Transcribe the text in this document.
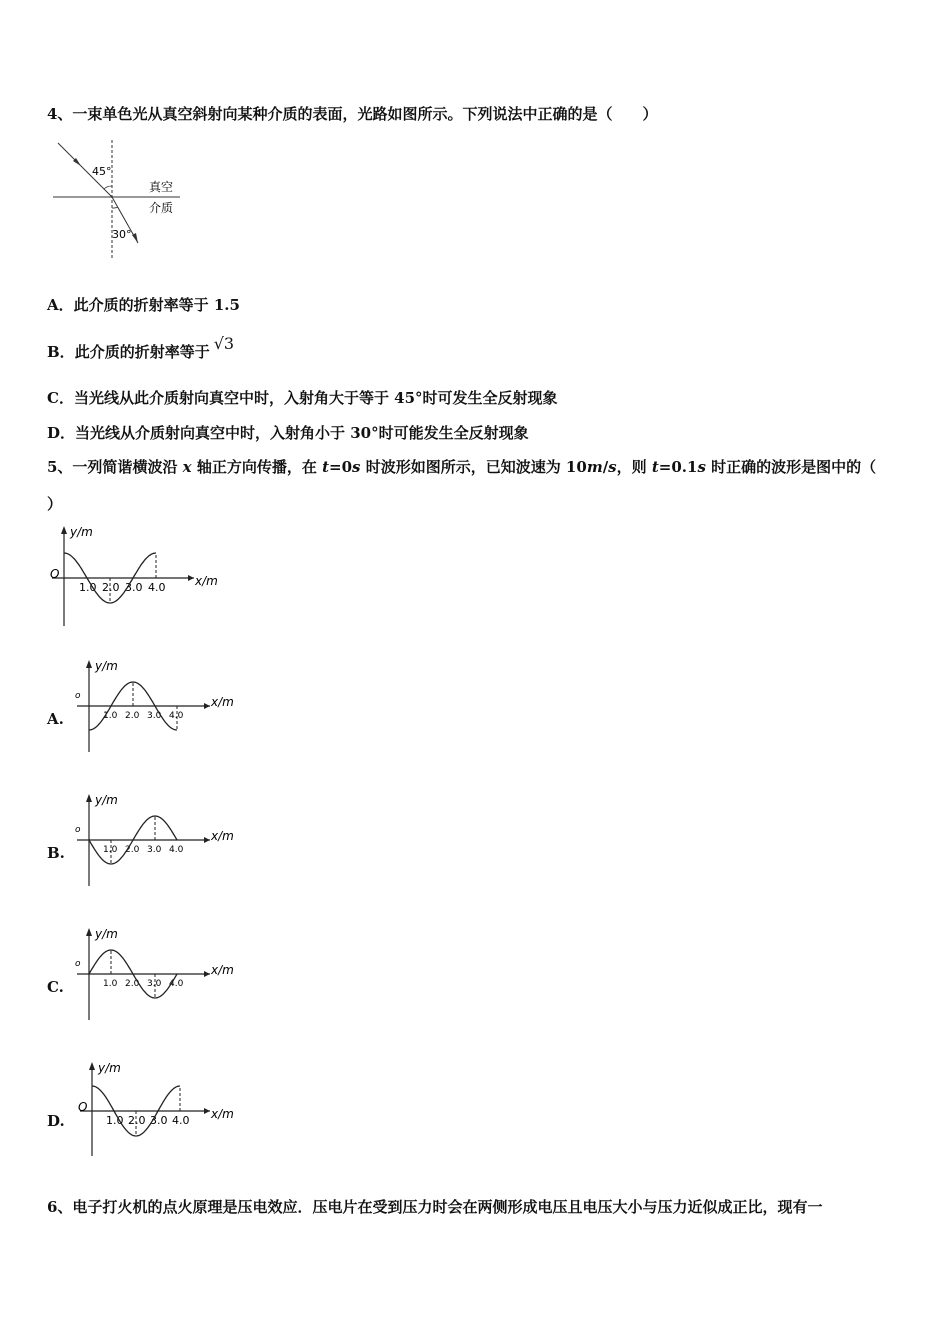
4、一束单色光从真空斜射向某种介质的表面，光路如图所示。下列说法中正确的是（　　）
45°
30°
真空
介质
A．此介质的折射率等于 1.5
B．此介质的折射率等于 √3
C．当光线从此介质射向真空中时，入射角大于等于 45°时可发生全反射现象
D．当光线从介质射向真空中时，入射角小于 30°时可能发生全反射现象
5、一列简谐横波沿 x 轴正方向传播，在 t=0s 时波形如图所示，已知波速为 10m/s，则 t=0.1s 时正确的波形是图中的（
）
y/m
x/m
O
1.0 2.0 3.0 4.0
A.
y/m
x/m
o
1.0 2.0 3.0 4.0
B.
y/m
x/m
o
1.0 2.0 3.0 4.0
C.
y/m
x/m
o
1.0 2.0 3.0 4.0
D.
y/m
x/m
O
1.0 2.0 3.0 4.0
6、电子打火机的点火原理是压电效应．压电片在受到压力时会在两侧形成电压且电压大小与压力近似成正比，现有一
